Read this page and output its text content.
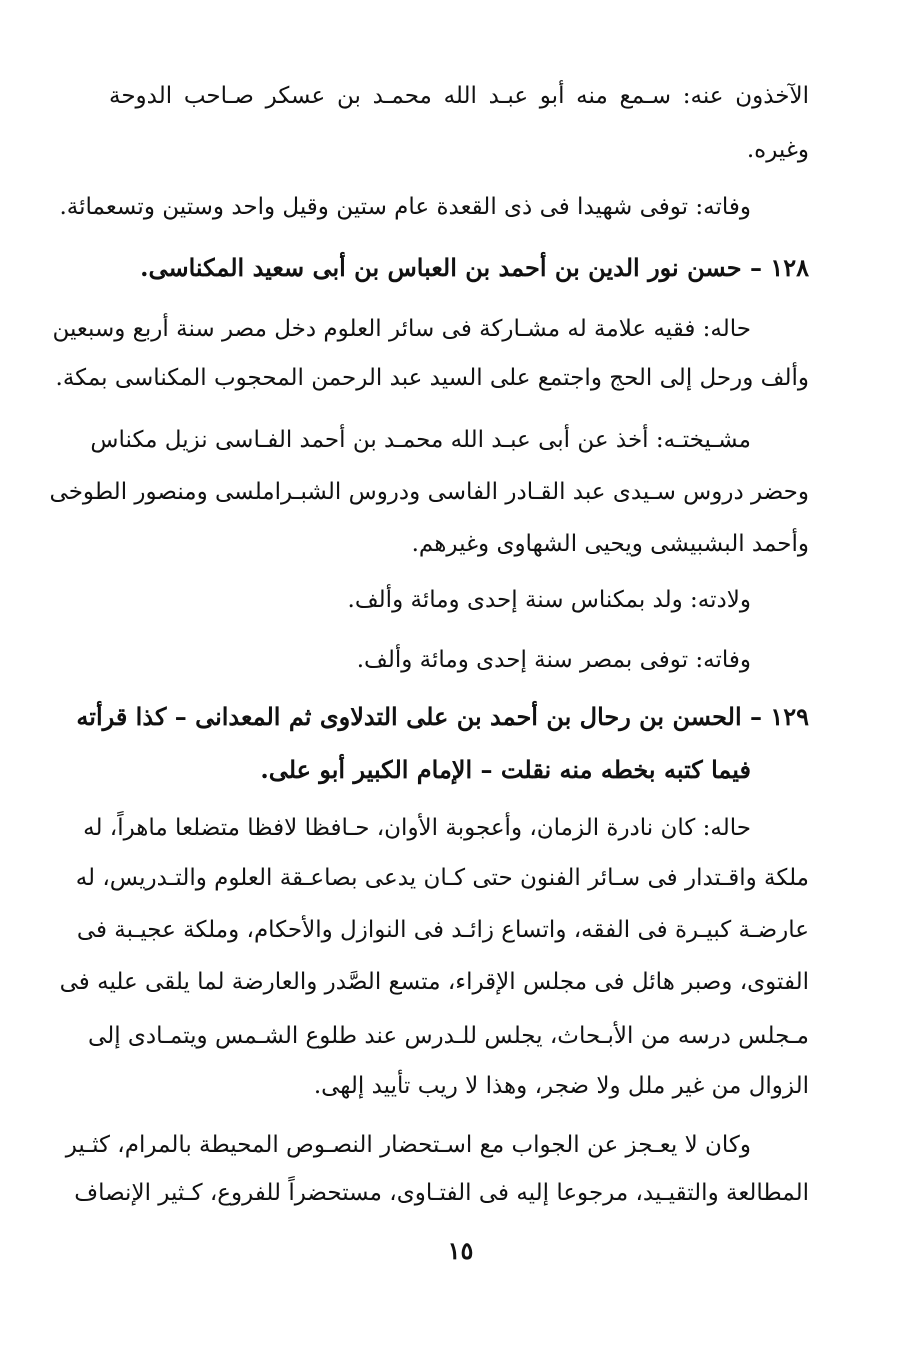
الآخذون عنه: سـمع منه أبو عبـد الله محمـد بن عسكر صـاحب الدوحة
وغيره.
وفاته: توفى شهيدا فى ذى القعدة عام ستين وقيل واحد وستين وتسعمائة.
١٢٨ – حسن نور الدين بن أحمد بن العباس بن أبى سعيد المكناسى.
حاله: فقيه علامة له مشـاركة فى سائر العلوم دخل مصر سنة أربع وسبعين
وألف ورحل إلى الحج واجتمع على السيد عبد الرحمن المحجوب المكناسى بمكة.
مشـيختـه: أخذ عن أبى عبـد الله محمـد بن أحمد الفـاسى نزيل مكناس
وحضر دروس سـيدى عبد القـادر الفاسى ودروس الشبـراملسى ومنصور الطوخى
وأحمد البشبيشى ويحيى الشهاوى وغيرهم.
ولادته: ولد بمكناس سنة إحدى ومائة وألف.
وفاته: توفى بمصر سنة إحدى ومائة وألف.
١٢٩ – الحسن بن رحال بن أحمد بن على التدلاوى ثم المعدانى – كذا قرأته
فيما كتبه بخطه منه نقلت – الإمام الكبير أبو على.
حاله: كان نادرة الزمان، وأعجوبة الأوان، حـافظا لافظا متضلعا ماهراً، له
ملكة واقـتدار فى سـائر الفنون حتى كـان يدعى بصاعـقة العلوم والتـدريس، له
عارضـة كبيـرة فى الفقه، واتساع زائـد فى النوازل والأحكام، وملكة عجيـبة فى
الفتوى، وصبر هائل فى مجلس الإقراء، متسع الصَّدر والعارضة لما يلقى عليه فى
مـجلس درسه من الأبـحاث، يجلس للـدرس عند طلوع الشـمس ويتمـادى إلى
الزوال من غير ملل ولا ضجر، وهذا لا ريب تأييد إلهى.
وكان لا يعـجز عن الجواب مع اسـتحضار النصـوص المحيطة بالمرام، كثـير
المطالعة والتقيـيد، مرجوعا إليه فى الفتـاوى، مستحضراً للفروع، كـثير الإنصاف
١٥
